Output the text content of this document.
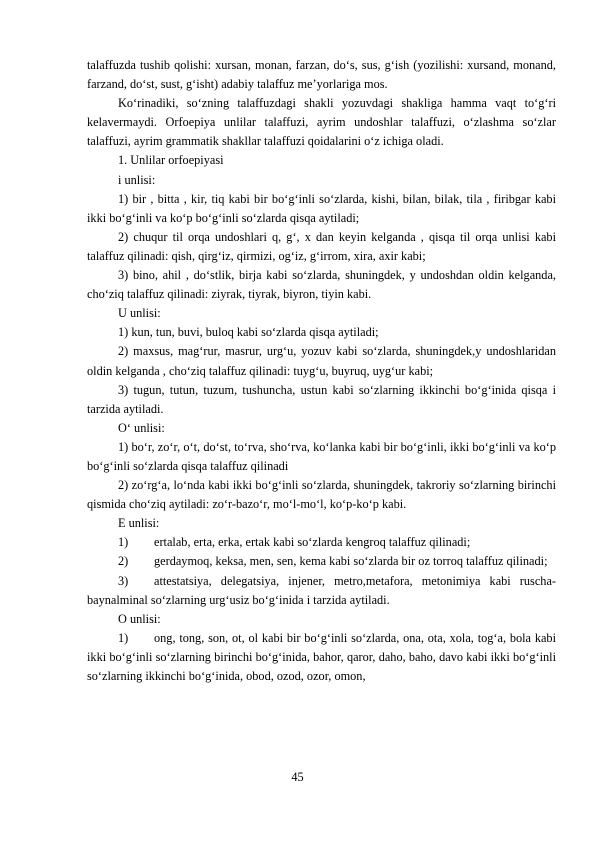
talaffuzda tushib qolishi: xursan, monan, farzan, do‘s, sus, g‘ish (yozilishi: xursand, monand, farzand, do‘st, sust, g‘isht) adabiy talaffuz me’yorlariga mos.

Ko‘rinadiki, so‘zning talaffuzdagi shakli yozuvdagi shakliga hamma vaqt to‘g‘ri kelavermaydi. Orfoepiya unlilar talaffuzi, ayrim undoshlar talaffuzi, o‘zlashma so‘zlar talaffuzi, ayrim grammatik shakllar talaffuzi qoidalarini o‘z ichiga oladi.

1. Unlilar orfoepiyasi

i unlisi:

1) bir , bitta , kir, tiq kabi bir bo‘g‘inli so‘zlarda, kishi, bilan, bilak, tila , firibgar kabi ikki bo‘g‘inli va ko‘p bo‘g‘inli so‘zlarda qisqa aytiladi;

2) chuqur til orqa undoshlari q, g‘, x dan keyin kelganda , qisqa til orqa unlisi kabi talaffuz qilinadi: qish, qirg‘iz, qirmizi, og‘iz, g‘irrom, xira, axir kabi;

3) bino, ahil , do‘stlik, birja kabi so‘zlarda, shuningdek, y undoshdan oldin kelganda, cho‘ziq talaffuz qilinadi: ziyrak, tiyrak, biyron, tiyin kabi.

U unlisi:

1) kun, tun, buvi, buloq kabi so‘zlarda qisqa aytiladi;

2) maxsus, mag‘rur, masrur, urg‘u, yozuv kabi so‘zlarda, shuningdek,y undoshlaridan oldin kelganda , cho‘ziq talaffuz qilinadi: tuyg‘u, buyruq, uyg‘ur kabi;

3) tugun, tutun, tuzum, tushuncha, ustun kabi so‘zlarning ikkinchi bo‘g‘inida qisqa i tarzida aytiladi.

O‘ unlisi:

1) bo‘r, zo‘r, o‘t, do‘st, to‘rva, sho‘rva, ko‘lanka kabi bir bo‘g‘inli, ikki bo‘g‘inli va ko‘p bo‘g‘inli so‘zlarda qisqa talaffuz qilinadi

2) zo‘rg‘a, lo‘nda kabi ikki bo‘g‘inli so‘zlarda, shuningdek, takroriy so‘zlarning birinchi qismida cho‘ziq aytiladi: zo‘r-bazo‘r, mo‘l-mo‘l, ko‘p-ko‘p kabi.

E unlisi:

1) ertalab, erta, erka, ertak kabi so‘zlarda kengroq talaffuz qilinadi;

2) gerdaymoq, keksa, men, sen, kema kabi so‘zlarda bir oz torroq talaffuz qilinadi;

3) attestatsiya, delegatsiya, injener, metro,metafora, metonimiya kabi ruscha-baynalminal so‘zlarning urg‘usiz bo‘g‘inida i tarzida aytiladi.

O unlisi:

1) ong, tong, son, ot, ol kabi bir bo‘g‘inli so‘zlarda, ona, ota, xola, tog‘a, bola kabi ikki bo‘g‘inli so‘zlarning birinchi bo‘g‘inida, bahor, qaror, daho, baho, davo kabi ikki bo‘g‘inli so‘zlarning ikkinchi bo‘g‘inida, obod, ozod, ozor, omon,

45
